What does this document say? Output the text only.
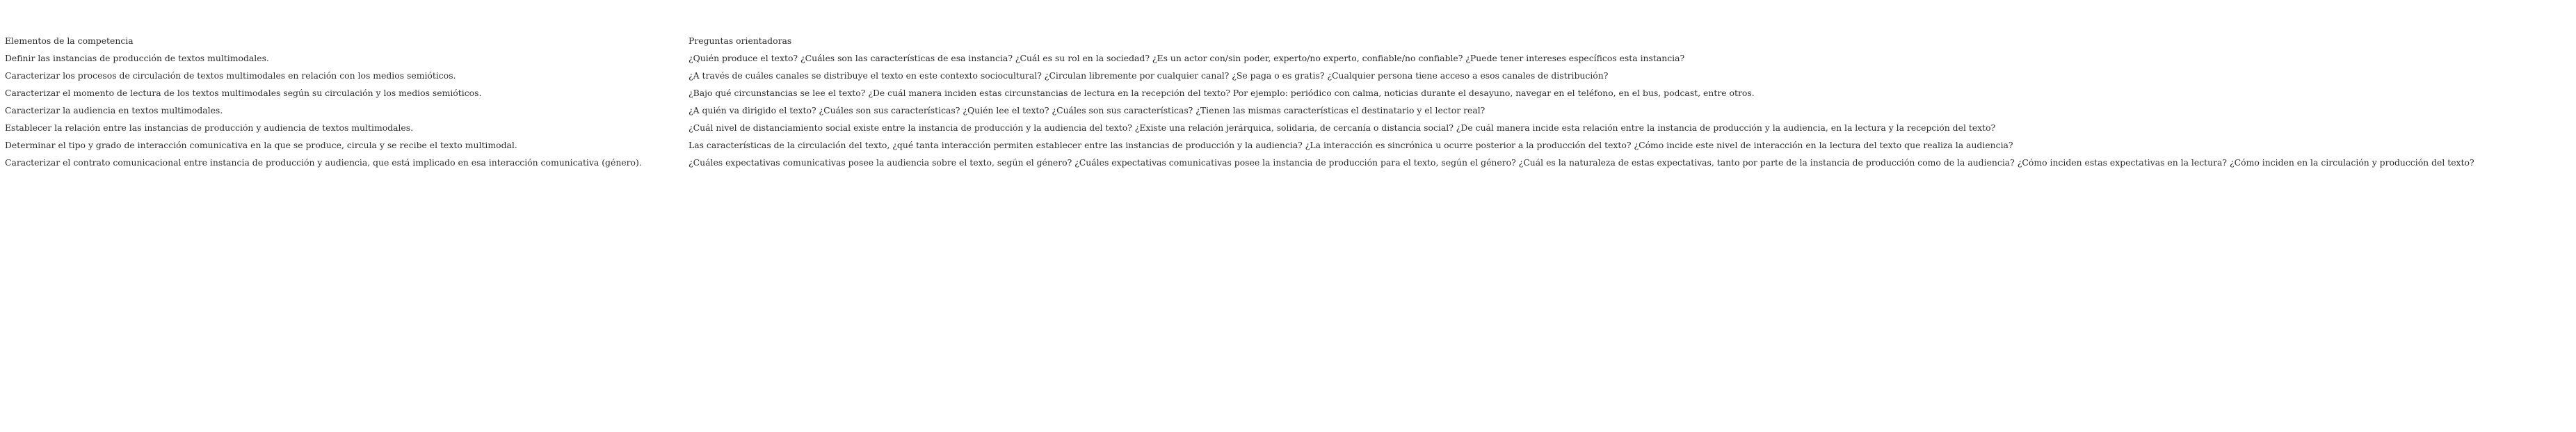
Elementos de la competencia	Preguntas orientadoras
Definir las instancias de producción de textos multimodales.	¿Quién produce el texto? ¿Cuáles son las características de esa instancia? ¿Cuál es su rol en la sociedad? ¿Es un actor con/sin poder, experto/no experto, confiable/no confiable? ¿Puede tener intereses específicos esta instancia?
Caracterizar los procesos de circulación de textos multimodales en relación con los medios semióticos.	¿A través de cuáles canales se distribuye el texto en este contexto sociocultural? ¿Circulan libremente por cualquier canal? ¿Se paga o es gratis? ¿Cualquier persona tiene acceso a esos canales de distribución?
Caracterizar el momento de lectura de los textos multimodales según su circulación y los medios semióticos.	¿Bajo qué circunstancias se lee el texto? ¿De cuál manera inciden estas circunstancias de lectura en la recepción del texto? Por ejemplo: periódico con calma, noticias durante el desayuno, navegar en el teléfono, en el bus, podcast, entre otros.
Caracterizar la audiencia en textos multimodales.	¿A quién va dirigido el texto? ¿Cuáles son sus características? ¿Quién lee el texto? ¿Cuáles son sus características? ¿Tienen las mismas características el destinatario y el lector real?
Establecer la relación entre las instancias de producción y audiencia de textos multimodales.	¿Cuál nivel de distanciamiento social existe entre la instancia de producción y la audiencia del texto? ¿Existe una relación jerárquica, solidaria, de cercanía o distancia social? ¿De cuál manera incide esta relación entre la instancia de producción y la audiencia, en la lectura y la recepción del texto?
Determinar el tipo y grado de interacción comunicativa en la que se produce, circula y se recibe el texto multimodal.	Las características de la circulación del texto, ¿qué tanta interacción permiten establecer entre las instancias de producción y la audiencia? ¿La interacción es sincrónica u ocurre posterior a la producción del texto? ¿Cómo incide este nivel de interacción en la lectura del texto que realiza la audiencia?
Caracterizar el contrato comunicacional entre instancia de producción y audiencia, que está implicado en esa interacción comunicativa (género).	¿Cuáles expectativas comunicativas posee la audiencia sobre el texto, según el género? ¿Cuáles expectativas comunicativas posee la instancia de producción para el texto, según el género? ¿Cuál es la naturaleza de estas expectativas, tanto por parte de la instancia de producción como de la audiencia? ¿Cómo inciden estas expectativas en la lectura? ¿Cómo inciden en la circulación y producción del texto?
